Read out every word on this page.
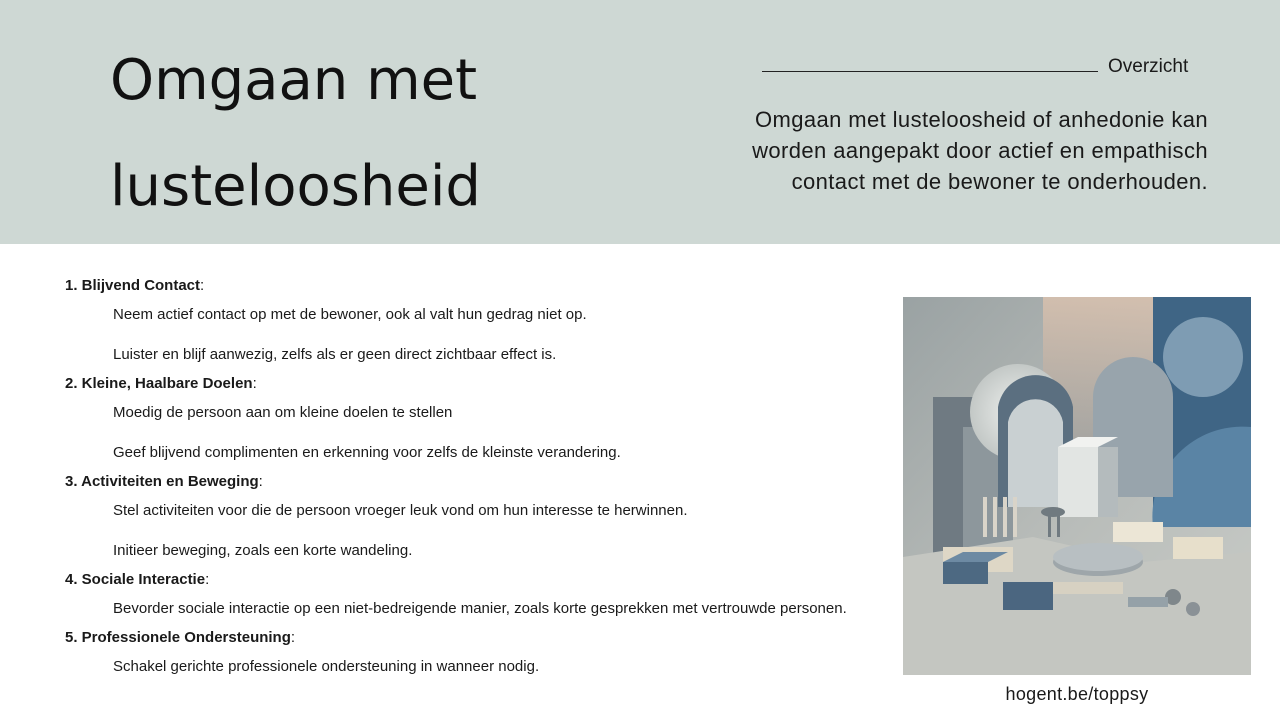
Omgaan met
lusteloosheid
Overzicht
Omgaan met lusteloosheid of anhedonie kan worden aangepakt door actief en empathisch contact met de bewoner te onderhouden.
1. Blijvend Contact:
Neem actief contact op met de bewoner, ook al valt hun gedrag niet op.
Luister en blijf aanwezig, zelfs als er geen direct zichtbaar effect is.
2. Kleine, Haalbare Doelen:
Moedig de persoon aan om kleine doelen te stellen
Geef blijvend complimenten en erkenning voor zelfs de kleinste verandering.
3. Activiteiten en Beweging:
Stel activiteiten voor die de persoon vroeger leuk vond om hun interesse te herwinnen.
Initieer beweging, zoals een korte wandeling.
4. Sociale Interactie:
Bevorder sociale interactie op een niet-bedreigende manier, zoals korte gesprekken met vertrouwde personen.
5. Professionele Ondersteuning:
Schakel gerichte professionele ondersteuning in wanneer nodig.
hogent.be/toppsy
